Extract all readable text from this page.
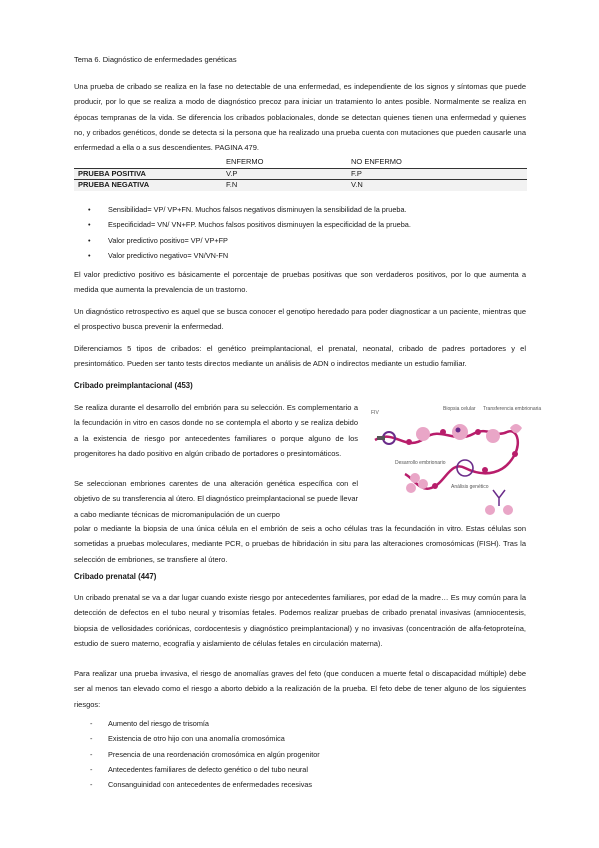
Tema 6. Diagnóstico de enfermedades genéticas

Una prueba de cribado se realiza en la fase no detectable de una enfermedad, es independiente de los signos y síntomas que puede producir, por lo que se realiza a modo de diagnóstico precoz para iniciar un tratamiento lo antes posible. Normalmente se realiza en épocas tempranas de la vida. Se diferencia los cribados poblacionales, donde se detectan quienes tienen una enfermedad y quienes no, y cribados genéticos, donde se detecta si la persona que ha realizado una prueba cuenta con mutaciones que pueden causarle una enfermedad a ella o a sus descendientes. PAGINA 479.

	ENFERMO	NO ENFERMO
PRUEBA POSITIVA	V.P	F.P
PRUEBA NEGATIVA	F.N	V.N
• Sensibilidad= VP/ VP+FN. Muchos falsos negativos disminuyen la sensibilidad de la prueba.
• Especificidad= VN/ VN+FP. Muchos falsos positivos disminuyen la especificidad de la prueba.
• Valor predictivo positivo= VP/ VP+FP
• Valor predictivo negativo= VN/VN-FN

El valor predictivo positivo es básicamente el porcentaje de pruebas positivas que son verdaderos positivos, por lo que aumenta a medida que aumenta la prevalencia de un trastorno.

Un diagnóstico retrospectivo es aquel que se busca conocer el genotipo heredado para poder diagnosticar a un paciente, mientras que el prospectivo busca prevenir la enfermedad.

Diferenciamos 5 tipos de cribados: el genético preimplantacional, el prenatal, neonatal, cribado de padres portadores y el presintomático. Pueden ser tanto tests directos mediante un análisis de ADN o indirectos mediante un estudio familiar.

Cribado preimplantacional (453)

Se realiza durante el desarrollo del embrión para su selección. Es complementario a la fecundación in vitro en casos donde no se contempla el aborto y se realiza debido a la existencia de riesgo por antecedentes familiares o porque alguno de los progenitores ha dado positivo en algún cribado de portadores o presintomáticos.

Se seleccionan embriones carentes de una alteración genética específica con el objetivo de su transferencia al útero. El diagnóstico preimplantacional se puede llevar a cabo mediante técnicas de micromanipulación de un cuerpo

polar o mediante la biopsia de una única célula en el embrión de seis a ocho células tras la fecundación in vitro. Estas células son sometidas a pruebas moleculares, mediante PCR, o pruebas de hibridación in situ para las alteraciones cromosómicas (FISH). Tras la selección de embriones, se transfiere al útero.

FIV
Biopsia celular Transferencia embrionaria
Desarrollo embrionario
Análisis genético

Cribado prenatal (447)

Un cribado prenatal se va a dar lugar cuando existe riesgo por antecedentes familiares, por edad de la madre… Es muy común para la detección de defectos en el tubo neural y trisomías fetales. Podemos realizar pruebas de cribado prenatal invasivas (amniocentesis, biopsia de vellosidades coriónicas, cordocentesis y diagnóstico preimplantacional) y no invasivas (concentración de alfa-fetoproteína, estudio de suero materno, ecografía y aislamiento de células fetales en circulación materna).

Para realizar una prueba invasiva, el riesgo de anomalías graves del feto (que conducen a muerte fetal o discapacidad múltiple) debe ser al menos tan elevado como el riesgo a aborto debido a la realización de la prueba. El feto debe de tener alguno de los siguientes riesgos:

- Aumento del riesgo de trisomía
- Existencia de otro hijo con una anomalía cromosómica
- Presencia de una reordenación cromosómica en algún progenitor
- Antecedentes familiares de defecto genético o del tubo neural
- Consanguinidad con antecedentes de enfermedades recesivas
